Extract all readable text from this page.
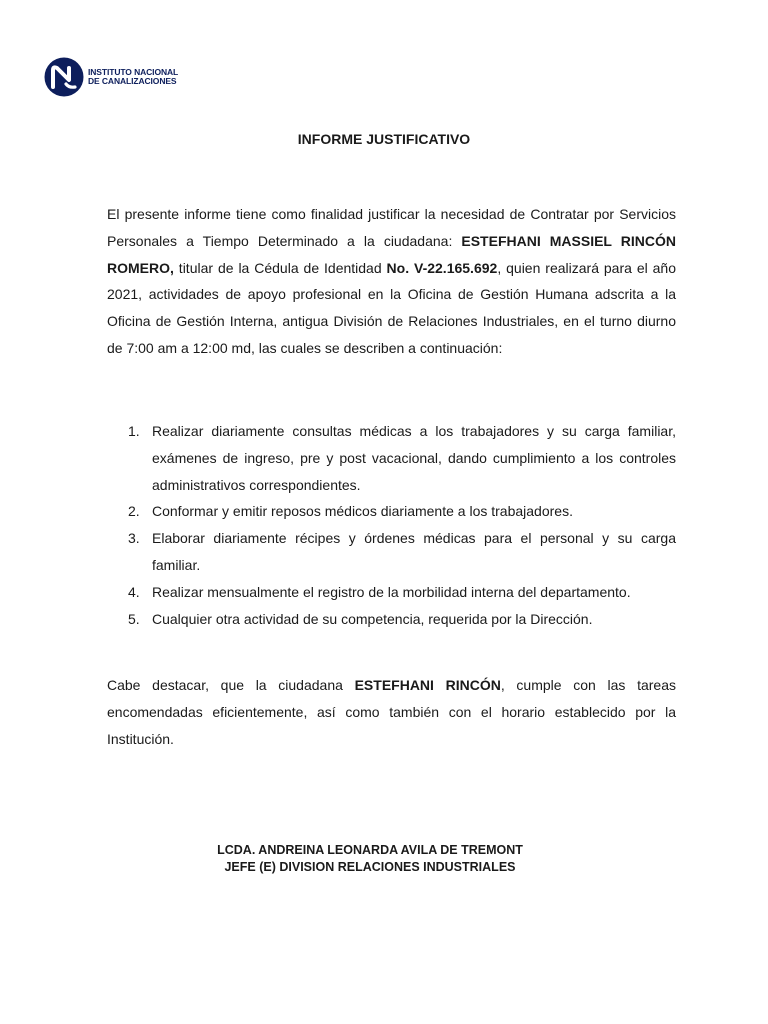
INSTITUTO NACIONAL
DE CANALIZACIONES
INFORME JUSTIFICATIVO

El presente informe tiene como finalidad justificar la necesidad de Contratar por Servicios Personales a Tiempo Determinado a la ciudadana: ESTEFHANI MASSIEL RINCÓN ROMERO, titular de la Cédula de Identidad No. V-22.165.692, quien realizará para el año 2021, actividades de apoyo profesional en la Oficina de Gestión Humana adscrita a la Oficina de Gestión Interna, antigua División de Relaciones Industriales, en el turno diurno de 7:00 am a 12:00 md, las cuales se describen a continuación:

1. Realizar diariamente consultas médicas a los trabajadores y su carga familiar, exámenes de ingreso, pre y post vacacional, dando cumplimiento a los controles administrativos correspondientes.
2. Conformar y emitir reposos médicos diariamente a los trabajadores.
3. Elaborar diariamente récipes y órdenes médicas para el personal y su carga familiar.
4. Realizar mensualmente el registro de la morbilidad interna del departamento.
5. Cualquier otra actividad de su competencia, requerida por la Dirección.

Cabe destacar, que la ciudadana ESTEFHANI RINCÓN, cumple con las tareas encomendadas eficientemente, así como también con el horario establecido por la Institución.

LCDA. ANDREINA LEONARDA AVILA DE TREMONT
JEFE (E) DIVISION RELACIONES INDUSTRIALES
